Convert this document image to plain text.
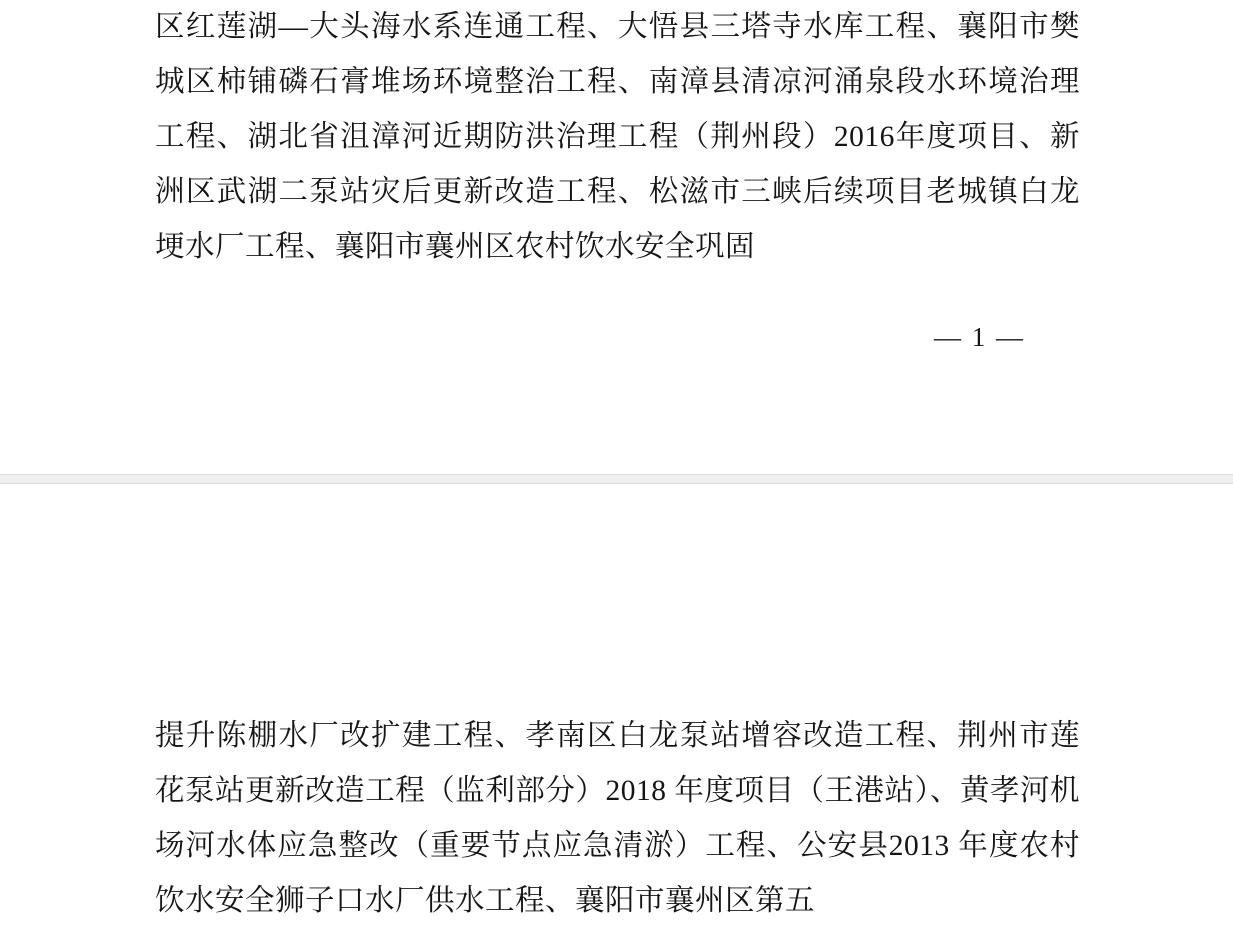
区红莲湖—大头海水系连通工程、大悟县三塔寺水库工程、襄阳市樊城区柿铺磷石膏堆场环境整治工程、南漳县清凉河涌泉段水环境治理工程、湖北省沮漳河近期防洪治理工程（荆州段）2016年度项目、新洲区武湖二泵站灾后更新改造工程、松滋市三峡后续项目老城镇白龙埂水厂工程、襄阳市襄州区农村饮水安全巩固

— 1 —

提升陈棚水厂改扩建工程、孝南区白龙泵站增容改造工程、荆州市莲花泵站更新改造工程（监利部分）2018 年度项目（王港站）、黄孝河机场河水体应急整改（重要节点应急清淤）工程、公安县2013 年度农村饮水安全狮子口水厂供水工程、襄阳市襄州区第五
